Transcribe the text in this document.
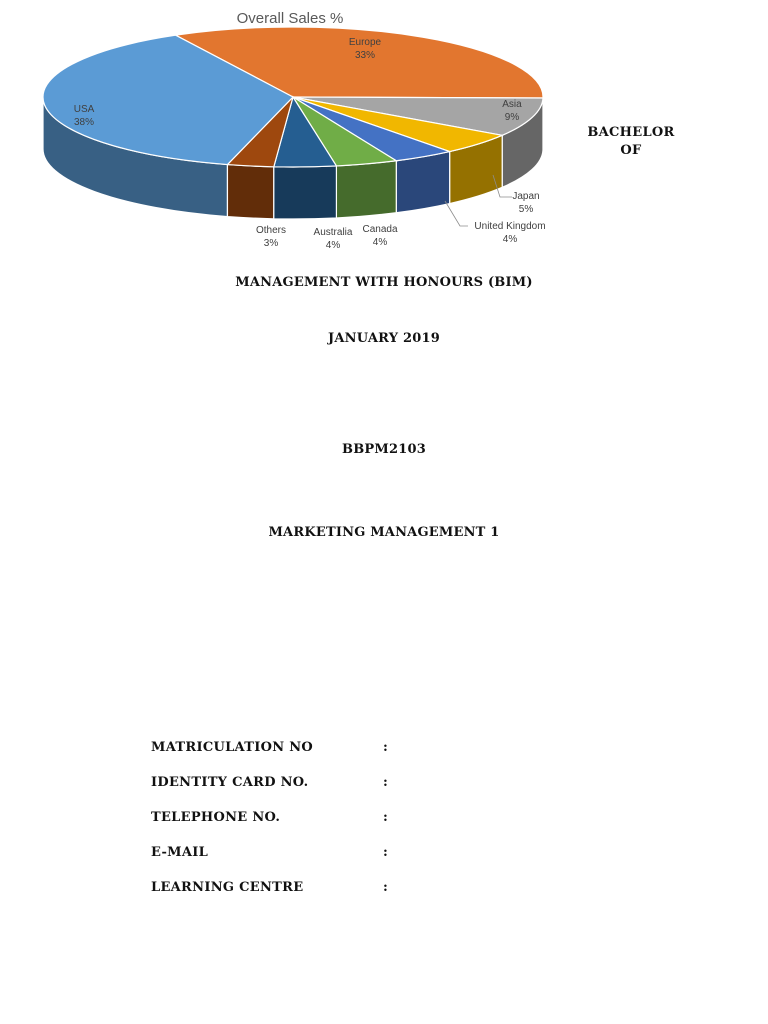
Europe
33%
Asia
9%
Japan
5%
United Kingdom
4%
Canada
4%
Australia
4%
Others
3%
USA
38%
Overall Sales %
BACHELOR
OF
MANAGEMENT WITH HONOURS (BIM)
JANUARY 2019
BBPM2103
MARKETING MANAGEMENT 1
MATRICULATION NO	:
IDENTITY CARD NO.	:
TELEPHONE NO.	:
E-MAIL	:
LEARNING CENTRE	:
